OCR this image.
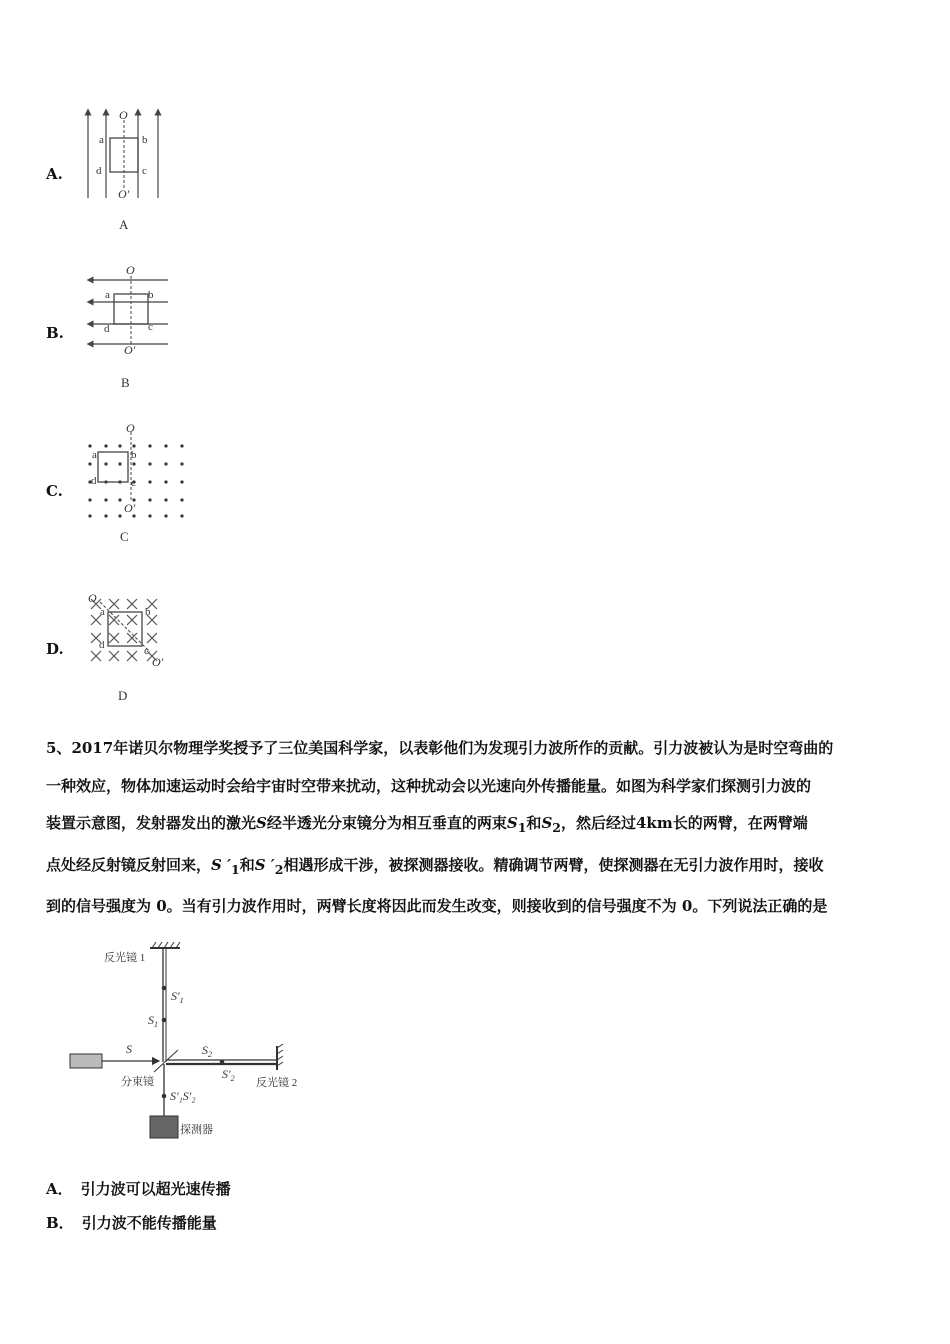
A.
O
O′
a	b
c
d
A
B.
O
O′
a	b
c
d
B
C.
O
O′
a	b
c
d
C
D.
O
O′
a	b
c
d
D
5、2017年诺贝尔物理学奖授予了三位美国科学家，以表彰他们为发现引力波所作的贡献。引力波被认为是时空弯曲的
一种效应，物体加速运动时会给宇宙时空带来扰动，这种扰动会以光速向外传播能量。如图为科学家们探测引力波的
装置示意图，发射器发出的激光S经半透光分束镜分为相互垂直的两束$S_1$和$S_2$，然后经过4km长的两臂，在两臂端
点处经反射镜反射回来，S $'_1$和S $'_2$相遇形成干涉，被探测器接收。精确调节两臂，使探测器在无引力波作用时，接收
到的信号强度为 0。当有引力波作用时，两臂长度将因此而发生改变，则接收到的信号强度不为 0。下列说法正确的是
反光镜 1
$S'_1$
$S_1$
S
分束镜
$S_2$
$S'_2$ 反光镜 2
S′₁S′₂
探测器
A． 引力波可以超光速传播
B． 引力波不能传播能量
